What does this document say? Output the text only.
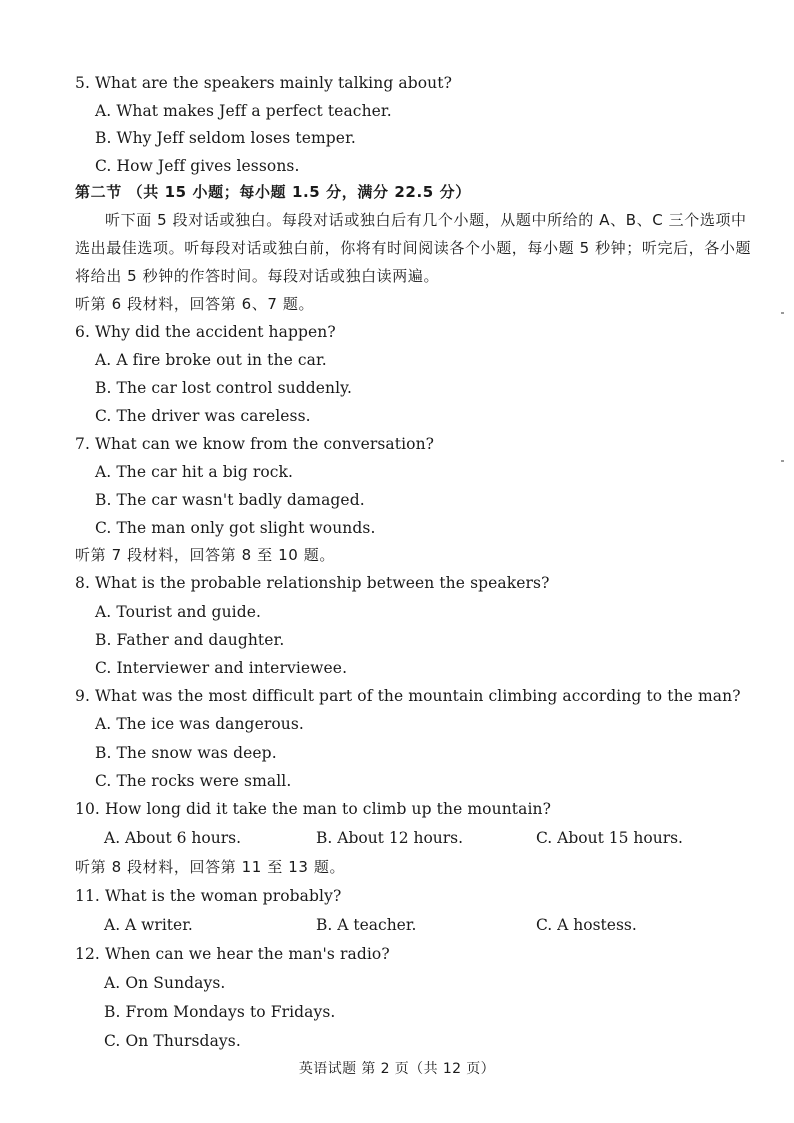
5. What are the speakers mainly talking about?
A. What makes Jeff a perfect teacher.
B. Why Jeff seldom loses temper.
C. How Jeff gives lessons.
第二节 （共 15 小题；每小题 1.5 分，满分 22.5 分）
听下面 5 段对话或独白。每段对话或独白后有几个小题，从题中所给的 A、B、C 三个选项中
选出最佳选项。听每段对话或独白前，你将有时间阅读各个小题，每小题 5 秒钟；听完后，各小题
将给出 5 秒钟的作答时间。每段对话或独白读两遍。
听第 6 段材料，回答第 6、7 题。
6. Why did the accident happen?
A. A fire broke out in the car.
B. The car lost control suddenly.
C. The driver was careless.
7. What can we know from the conversation?
A. The car hit a big rock.
B. The car wasn't badly damaged.
C. The man only got slight wounds.
听第 7 段材料，回答第 8 至 10 题。
8. What is the probable relationship between the speakers?
A. Tourist and guide.
B. Father and daughter.
C. Interviewer and interviewee.
9. What was the most difficult part of the mountain climbing according to the man?
A. The ice was dangerous.
B. The snow was deep.
C. The rocks were small.
10. How long did it take the man to climb up the mountain?
A. About 6 hours.	B. About 12 hours.	C. About 15 hours.
听第 8 段材料，回答第 11 至 13 题。
11. What is the woman probably?
A. A writer.	B. A teacher.	C. A hostess.
12. When can we hear the man's radio?
A. On Sundays.
B. From Mondays to Fridays.
C. On Thursdays.
英语试题 第 2 页（共 12 页）
